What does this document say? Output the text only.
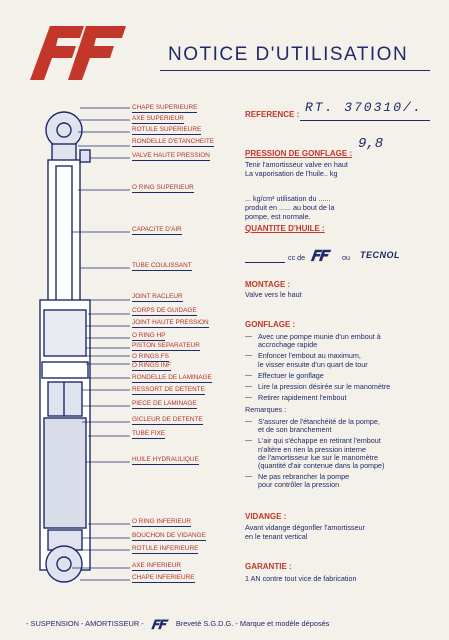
NOTICE D'UTILISATION
CHAPE SUPERIEURE
AXE SUPERIEUR
ROTULE SUPERIEURE
RONDELLE D'ETANCHEITE
VALVE HAUTE PRESSION
O RING SUPERIEUR
CAPACITE D'AIR
TUBE COULISSANT
JOINT RACLEUR
CORPS DE GUIDAGE
JOINT HAUTE PRESSION
O RING HP
PISTON SEPARATEUR
O RINGS FS
O RINGS INF
RONDELLE DE LAMINAGE
RESSORT DE DETENTE
PIECE DE LAMINAGE
GICLEUR DE DETENTE
TUBE FIXE
HUILE HYDRAULIQUE
O RING INFERIEUR
BOUCHON DE VIDANGE
ROTULE INFERIEURE
AXE INFERIEUR
CHAPE INFERIEURE
REFERENCE : RT. 370310/.
PRESSION DE GONFLAGE :
9,8
Tenir l'amortisseur valve en haut
La vaporisation de l'huile.. kg
... kg/cm² utilisation du ......
produit en ...... au bout de la
pompe, est normale.
QUANTITE D'HUILE :
cc de	ou TECNOL
MONTAGE :
Valve vers le haut
GONFLAGE :
— Avec une pompe munie d'un embout à
accrochage rapide
— Enfoncer l'embout au maximum,
le visser ensuite d'un quart de tour
— Effectuer le gonflage
— Lire la pression désirée sur le manomètre
— Retirer rapidement l'embout
Remarques :
— S'assurer de l'étanchéité de la pompe,
et de son branchement
— L'air qui s'échappe en retirant l'embout
n'altère en rien la pression interne
de l'amortisseur lue sur le manomètre
(quantité d'air contenue dans la pompe)
— Ne pas rebrancher la pompe
pour contrôler la pression
VIDANGE :
Avant vidange dégonfler l'amortisseur
en le tenant vertical
GARANTIE :
1 AN contre tout vice de fabrication
- SUSPENSION - AMORTISSEUR -	Breveté S.G.D.G. - Marque et modèle déposés
